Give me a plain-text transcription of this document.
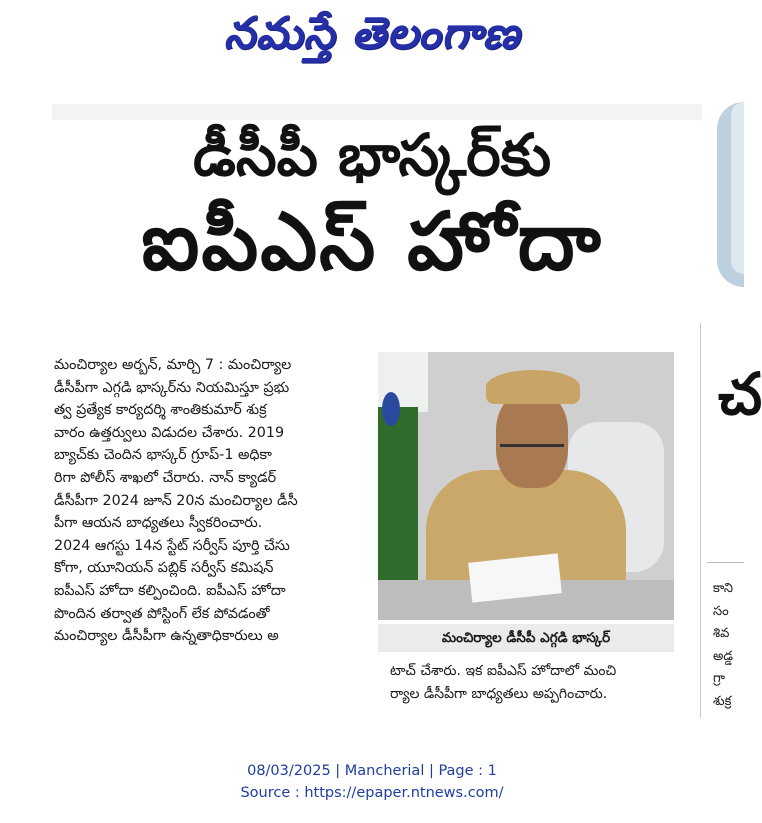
నమస్తే తెలంగాణ
డీసీపీ భాస్కర్‌కు
ఐపీఎస్ హోదా
మంచిర్యాల అర్బన్, మార్చి 7 : మంచిర్యాల
డీసీపీగా ఎగ్గడి భాస్కర్‌ను నియమిస్తూ ప్రభు
త్వ ప్రత్యేక కార్యదర్శి శాంతికుమార్ శుక్ర
వారం ఉత్తర్వులు విడుదల చేశారు. 2019
బ్యాచ్‌కు చెందిన భాస్కర్ గ్రూప్-1 అధికా
రిగా పోలీస్ శాఖలో చేరారు. నాన్ క్యాడర్
డీసీపీగా 2024 జూన్ 20న మంచిర్యాల డీసీ
పీగా ఆయన బాధ్యతలు స్వీకరించారు.
2024 ఆగస్టు 14న స్టేట్ సర్వీస్ పూర్తి చేసు
కోగా, యూనియన్ పబ్లిక్ సర్వీస్ కమిషన్
ఐపీఎస్ హోదా కల్పించింది. ఐపీఎస్ హోదా
పొందిన తర్వాత పోస్టింగ్ లేక పోవడంతో
మంచిర్యాల డీసీపీగా ఉన్నతాధికారులు అ	మంచిర్యాల డీసీపీ ఎగ్గడి భాస్కర్
టాచ్ చేశారు. ఇక ఐపీఎస్ హోదాలో మంచి
ర్యాల డీసీపీగా బాధ్యతలు అప్పగించారు.
చ
కాని
సం
శివ
అడ్డ
గ్రా
శుక్ర
08/03/2025 | Mancherial | Page : 1
Source : https://epaper.ntnews.com/
